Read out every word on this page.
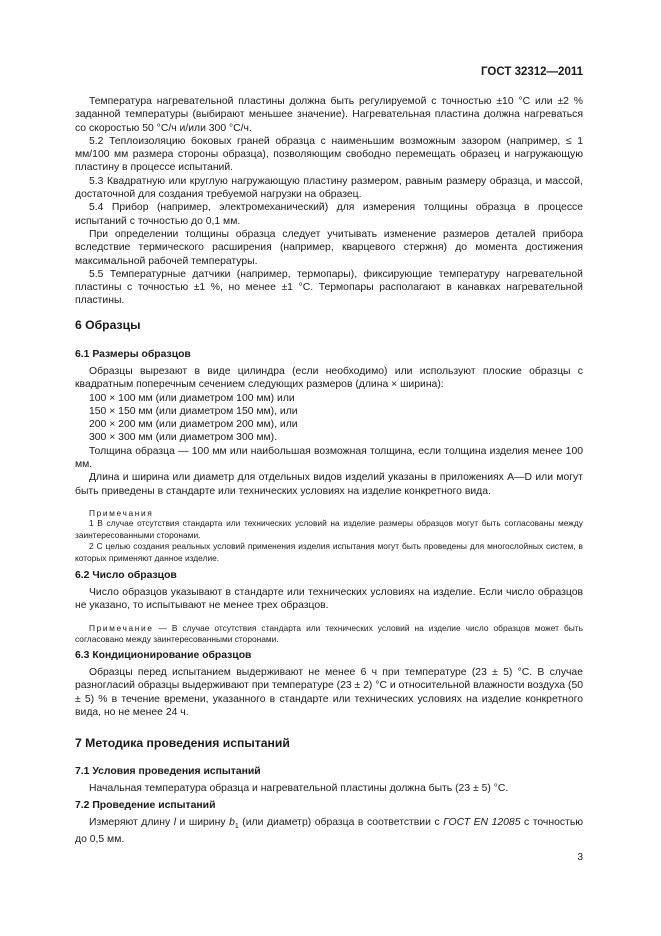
ГОСТ 32312—2011

Температура нагревательной пластины должна быть регулируемой с точностью ±10 °С или ±2 % заданной температуры (выбирают меньшее значение). Нагревательная пластина должна нагреваться со скоростью 50 °С/ч и/или 300 °С/ч.

5.2 Теплоизоляцию боковых граней образца с наименьшим возможным зазором (например, ≤ 1 мм/100 мм размера стороны образца), позволяющим свободно перемещать образец и нагружающую пластину в процессе испытаний.

5.3 Квадратную или круглую нагружающую пластину размером, равным размеру образца, и массой, достаточной для создания требуемой нагрузки на образец.

5.4 Прибор (например, электромеханический) для измерения толщины образца в процессе испытаний с точностью до 0,1 мм.

При определении толщины образца следует учитывать изменение размеров деталей прибора вследствие термического расширения (например, кварцевого стержня) до момента достижения максимальной рабочей температуры.

5.5 Температурные датчики (например, термопары), фиксирующие температуру нагревательной пластины с точностью ±1 %, но менее ±1 °С. Термопары располагают в канавках нагревательной пластины.

6 Образцы

6.1 Размеры образцов

Образцы вырезают в виде цилиндра (если необходимо) или используют плоские образцы с квадратным поперечным сечением следующих размеров (длина × ширина):

100 × 100 мм (или диаметром 100 мм) или

150 × 150 мм (или диаметром 150 мм), или

200 × 200 мм (или диаметром 200 мм), или

300 × 300 мм (или диаметром 300 мм).

Толщина образца — 100 мм или наибольшая возможная толщина, если толщина изделия менее 100 мм.

Длина и ширина или диаметр для отдельных видов изделий указаны в приложениях А—D или могут быть приведены в стандарте или технических условиях на изделие конкретного вида.

Примечания

1 В случае отсутствия стандарта или технических условий на изделие размеры образцов могут быть согласованы между заинтересованными сторонами.

2 С целью создания реальных условий применения изделия испытания могут быть проведены для многослойных систем, в которых применяют данное изделие.

6.2 Число образцов

Число образцов указывают в стандарте или технических условиях на изделие. Если число образцов не указано, то испытывают не менее трех образцов.

Примечание — В случае отсутствия стандарта или технических условий на изделие число образцов может быть согласовано между заинтересованными сторонами.

6.3 Кондиционирование образцов

Образцы перед испытанием выдерживают не менее 6 ч при температуре (23 ± 5) °С. В случае разногласий образцы выдерживают при температуре (23 ± 2) °С и относительной влажности воздуха (50 ± 5) % в течение времени, указанного в стандарте или технических условиях на изделие конкретного вида, но не менее 24 ч.

7 Методика проведения испытаний

7.1 Условия проведения испытаний

Начальная температура образца и нагревательной пластины должна быть (23 ± 5) °С.

7.2 Проведение испытаний

Измеряют длину l и ширину $b_1$ (или диаметр) образца в соответствии с ГОСТ EN 12085 с точностью до 0,5 мм.

3
